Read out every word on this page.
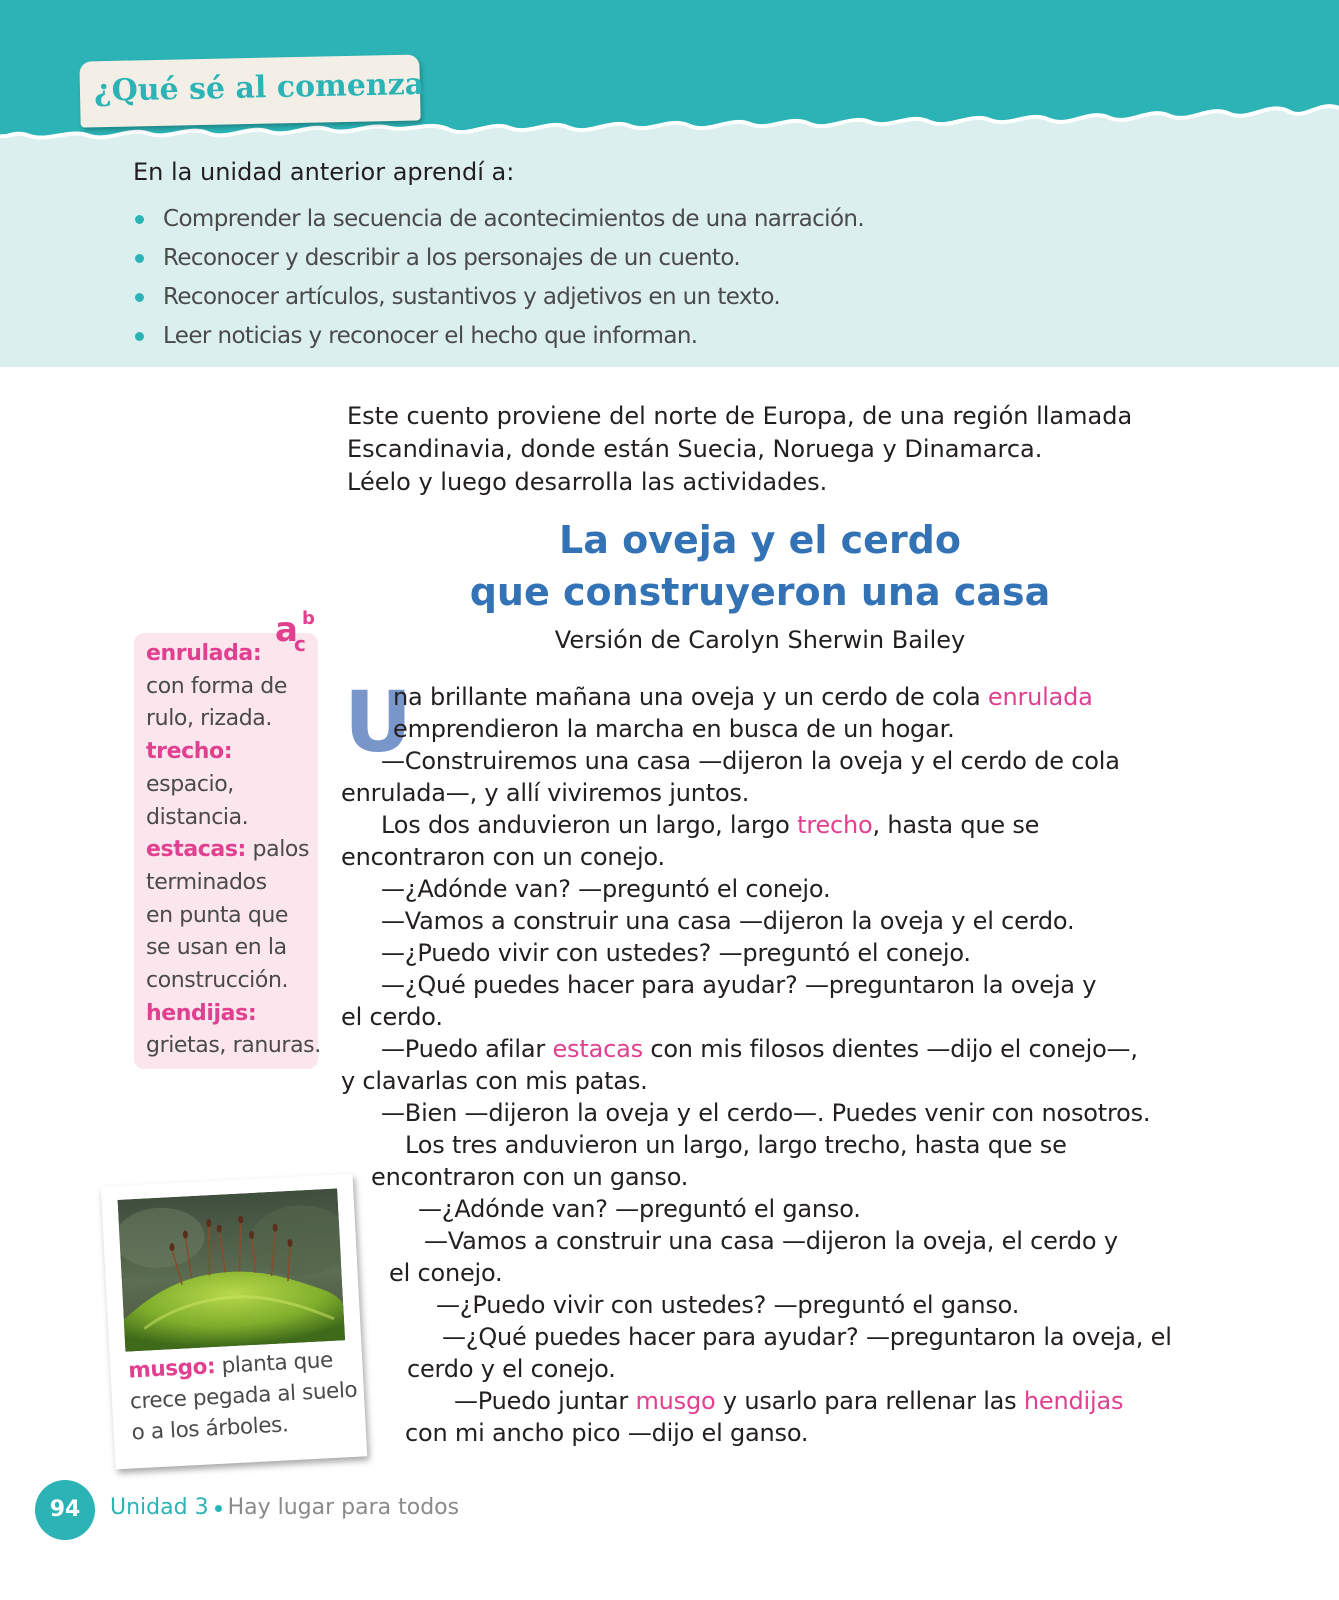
¿Qué sé al comenzar?
En la unidad anterior aprendí a:
Comprender la secuencia de acontecimientos de una narración.
Reconocer y describir a los personajes de un cuento.
Reconocer artículos, sustantivos y adjetivos en un texto.
Leer noticias y reconocer el hecho que informan.

Este cuento proviene del norte de Europa, de una región llamada
Escandinavia, donde están Suecia, Noruega y Dinamarca.
Léelo y luego desarrolla las actividades.

La oveja y el cerdo
que construyeron una casa
Versión de Carolyn Sherwin Bailey
a b
c
enrulada:
con forma de
rulo, rizada.
trecho:
espacio,
distancia.
estacas: palos
terminados
en punta que
se usan en la
construcción.
hendijas:
grietas, ranuras.
musgo: planta que
crece pegada al suelo
o a los árboles.
U
na brillante mañana una oveja y un cerdo de cola enrulada
emprendieron la marcha en busca de un hogar.
—Construiremos una casa —dijeron la oveja y el cerdo de cola
enrulada—, y allí viviremos juntos.
Los dos anduvieron un largo, largo trecho, hasta que se
encontraron con un conejo.
—¿Adónde van? —preguntó el conejo.
—Vamos a construir una casa —dijeron la oveja y el cerdo.
—¿Puedo vivir con ustedes? —preguntó el conejo.
—¿Qué puedes hacer para ayudar? —preguntaron la oveja y
el cerdo.
—Puedo afilar estacas con mis filosos dientes —dijo el conejo—,
y clavarlas con mis patas.
—Bien —dijeron la oveja y el cerdo—. Puedes venir con nosotros.
Los tres anduvieron un largo, largo trecho, hasta que se
encontraron con un ganso.
—¿Adónde van? —preguntó el ganso.
—Vamos a construir una casa —dijeron la oveja, el cerdo y
el conejo.
—¿Puedo vivir con ustedes? —preguntó el ganso.
—¿Qué puedes hacer para ayudar? —preguntaron la oveja, el
cerdo y el conejo.
—Puedo juntar musgo y usarlo para rellenar las hendijas
con mi ancho pico —dijo el ganso.
94	Unidad 3 Hay lugar para todos
